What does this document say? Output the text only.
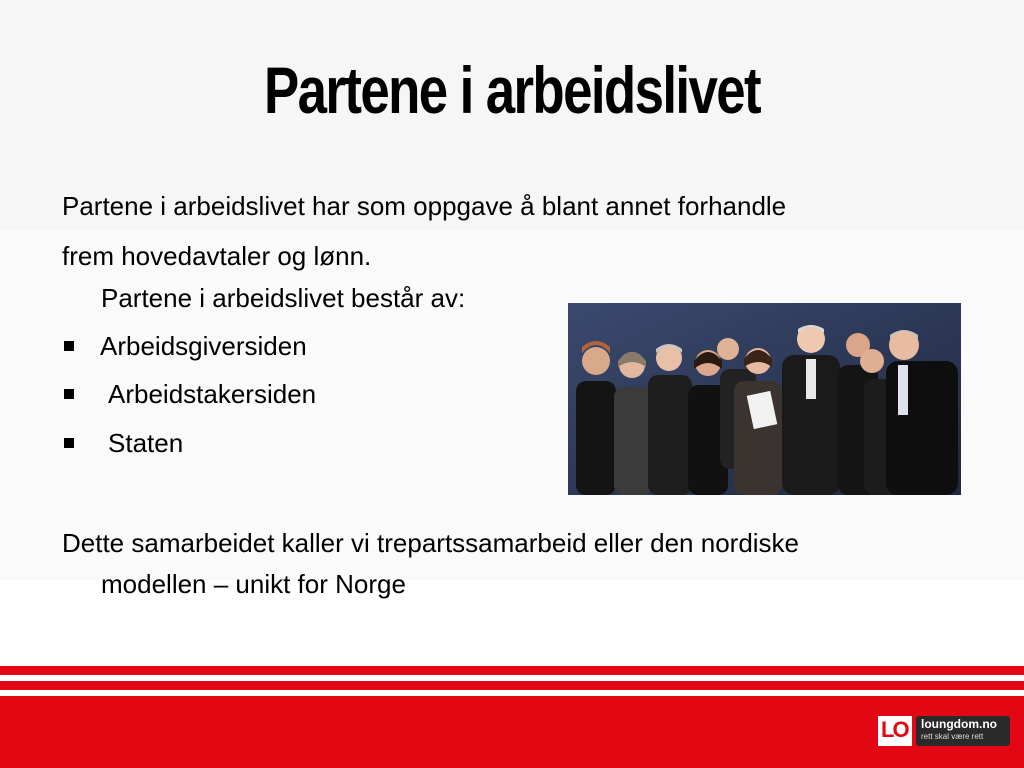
Partene i arbeidslivet
Partene i arbeidslivet har som oppgave å blant annet forhandle
frem hovedavtaler og lønn.
Partene i arbeidslivet består av:
Arbeidsgiversiden
Arbeidstakersiden
Staten
Dette samarbeidet kaller vi trepartssamarbeid eller den nordiske
modellen – unikt for Norge
LO loungdom.no
rett skal være rett
